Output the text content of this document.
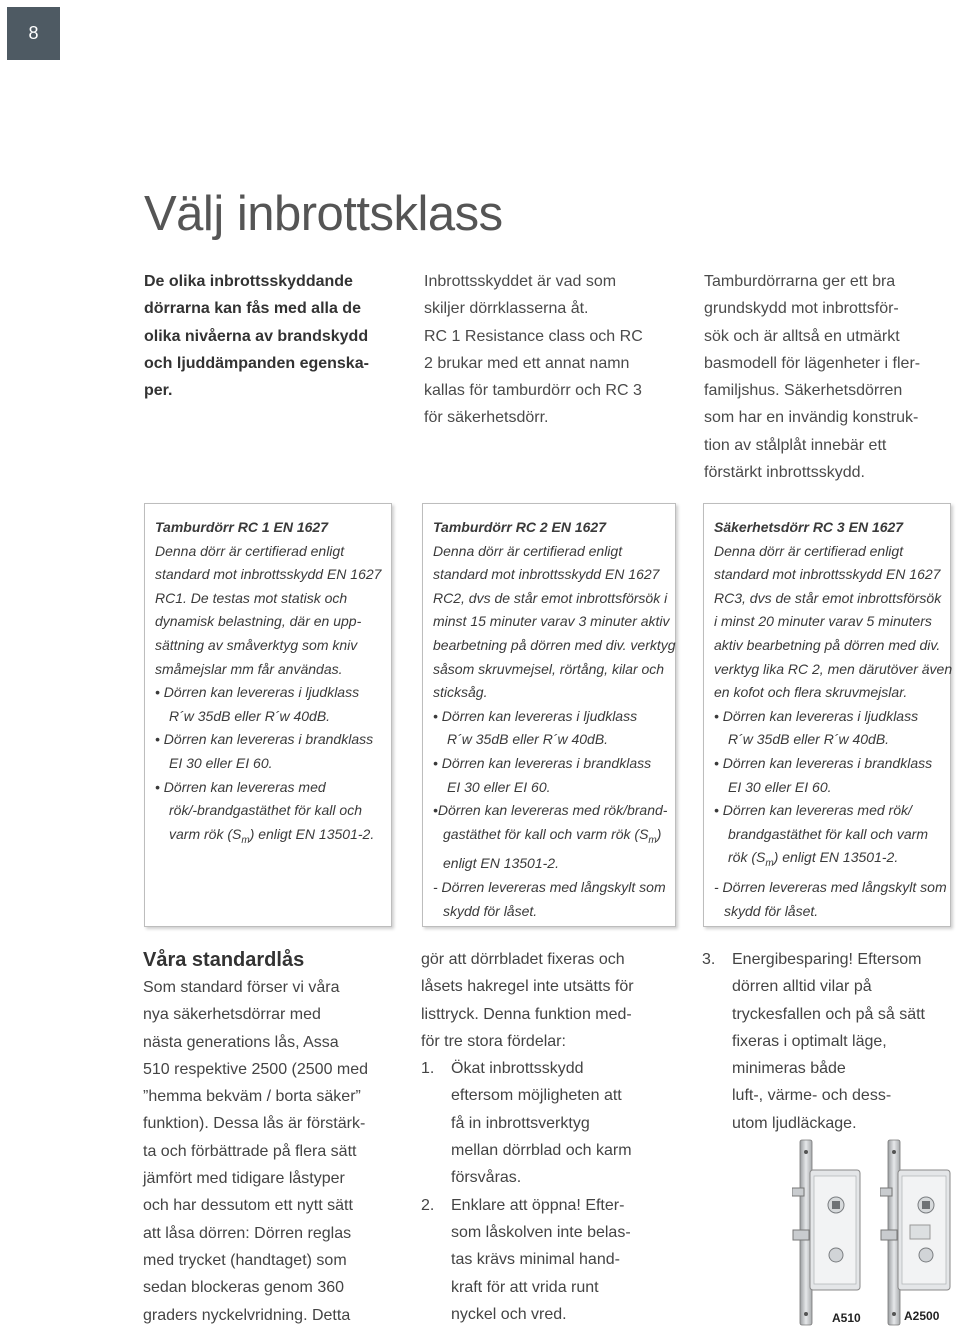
8
Välj inbrottsklass
De olika inbrottsskyddande
dörrarna kan fås med alla de
olika nivåerna av brandskydd
och ljuddämpanden egenska-
per.
Inbrottsskyddet är vad som
skiljer dörrklasserna åt.
RC 1 Resistance class och RC
2 brukar med ett annat namn
kallas för tamburdörr och RC 3
för säkerhetsdörr.
Tamburdörrarna ger ett bra
grundskydd mot inbrottsför-
sök och är alltså en utmärkt
basmodell för lägenheter i fler-
familjshus. Säkerhetsdörren
som har en invändig konstruk-
tion av stålplåt innebär ett
förstärkt inbrottsskydd.
Tamburdörr RC 1 EN 1627
Denna dörr är certifierad enligt
standard mot inbrottsskydd EN 1627
RC1. De testas mot statisk och
dynamisk belastning, där en upp-
sättning av småverktyg som kniv
småmejslar mm får användas.
• Dörren kan levereras i ljudklass
R´w 35dB eller R´w 40dB.
• Dörren kan levereras i brandklass
EI 30 eller EI 60.
• Dörren kan levereras med
rök/-brandgastäthet för kall och
varm rök $(S_m)$ enligt EN 13501-2.
Tamburdörr RC 2 EN 1627
Denna dörr är certifierad enligt
standard mot inbrottsskydd EN 1627
RC2, dvs de står emot inbrottsförsök i
minst 15 minuter varav 3 minuter aktiv
bearbetning på dörren med div. verktyg
såsom skruvmejsel, rörtång, kilar och
sticksåg.
• Dörren kan levereras i ljudklass
R´w 35dB eller R´w 40dB.
• Dörren kan levereras i brandklass
EI 30 eller EI 60.
•Dörren kan levereras med rök/brand-
gastäthet för kall och varm rök $(S_m)$
enligt EN 13501-2.
- Dörren levereras med långskylt som
skydd för låset.
Säkerhetsdörr RC 3 EN 1627
Denna dörr är certifierad enligt
standard mot inbrottsskydd EN 1627
RC3, dvs de står emot inbrottsförsök
i minst 20 minuter varav 5 minuters
aktiv bearbetning på dörren med div.
verktyg lika RC 2, men därutöver även
en kofot och flera skruvmejslar.
• Dörren kan levereras i ljudklass
R´w 35dB eller R´w 40dB.
• Dörren kan levereras i brandklass
EI 30 eller EI 60.
• Dörren kan levereras med rök/
brandgastäthet för kall och varm
rök $(S_m)$ enligt EN 13501-2.
- Dörren levereras med långskylt som
skydd för låset.
Våra standardlås
Som standard förser vi våra
nya säkerhetsdörrar med
nästa generations lås, Assa
510 respektive 2500 (2500 med
”hemma bekväm / borta säker”
funktion). Dessa lås är förstärk-
ta och förbättrade på flera sätt
jämfört med tidigare låstyper
och har dessutom ett nytt sätt
att låsa dörren: Dörren reglas
med trycket (handtaget) som
sedan blockeras genom 360
graders nyckelvridning. Detta
gör att dörrbladet fixeras och
låsets hakregel inte utsätts för
listtryck. Denna funktion med-
för tre stora fördelar:
1. Ökat inbrottsskydd
eftersom möjligheten att
få in inbrottsverktyg
mellan dörrblad och karm
försvåras.
2. Enklare att öppna! Efter-
som låskolven inte belas-
tas krävs minimal hand-
kraft för att vrida runt
nyckel och vred.
3. Energibesparing! Eftersom
dörren alltid vilar på
tryckesfallen och på så sätt
fixeras i optimalt läge,
minimeras både
luft-, värme- och dess-
utom ljudläckage.
A510	A2500
